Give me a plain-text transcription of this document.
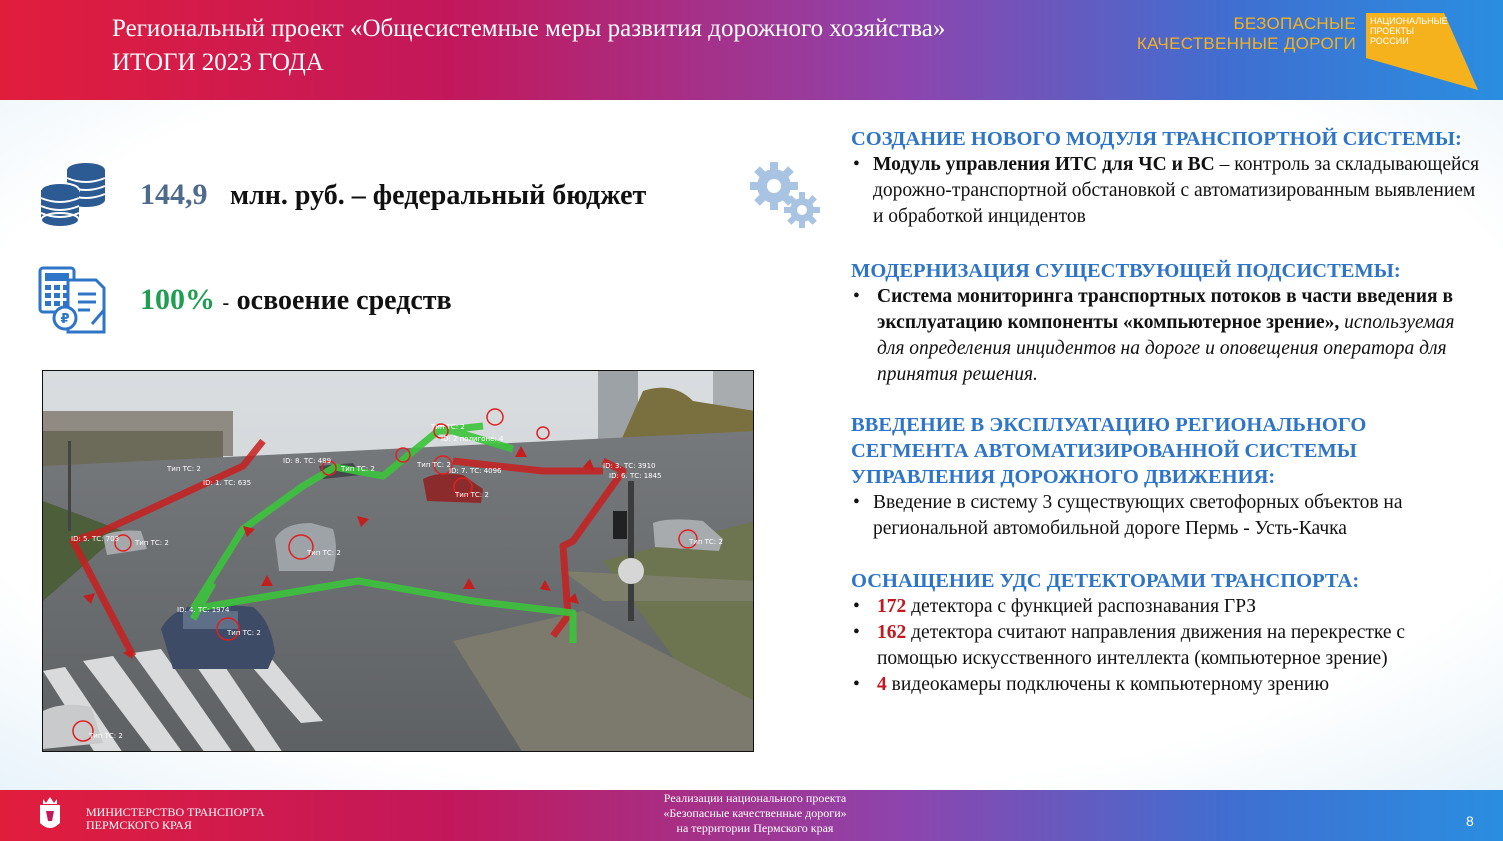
Региональный проект «Общесистемные меры развития дорожного хозяйства»
ИТОГИ 2023 ГОДА
БЕЗОПАСНЫЕ
КАЧЕСТВЕННЫЕ ДОРОГИ
НАЦИОНАЛЬНЫЕ
ПРОЕКТЫ
РОССИИ
144,9 млн. руб. – федеральный бюджет
₽
100% - освоение средств
ID: 1. ТС: 635
Тип ТС: 2
ID: 5. ТС: 703 Тип ТС: 2
ID: 8. ТС: 489
Тип ТС: 2	Тип ТС: 2
ID: 2 полигоне: 4
Тип ТС: 2
ID: 7. ТС: 4096
Тип ТС: 2
ID: 3. ТС: 3910
ID: 6. ТС: 1845
Тип ТС: 2
Тип ТС: 2
ID: 4. ТС: 1974
Тип ТС: 2
Тип ТС: 2
СОЗДАНИЕ НОВОГО МОДУЛЯ ТРАНСПОРТНОЙ СИСТЕМЫ:
• Модуль управления ИТС для ЧС и ВС – контроль за складывающейся дорожно-транспортной обстановкой с автоматизированным выявлением и обработкой инцидентов
МОДЕРНИЗАЦИЯ СУЩЕСТВУЮЩЕЙ ПОДСИСТЕМЫ:
• Система мониторинга транспортных потоков в части введения в эксплуатацию компоненты «компьютерное зрение», используемая для определения инцидентов на дороге и оповещения оператора для принятия решения.
ВВЕДЕНИЕ В ЭКСПЛУАТАЦИЮ РЕГИОНАЛЬНОГО СЕГМЕНТА АВТОМАТИЗИРОВАННОЙ СИСТЕМЫ УПРАВЛЕНИЯ ДОРОЖНОГО ДВИЖЕНИЯ:
• Введение в систему 3 существующих светофорных объектов на региональной автомобильной дороге Пермь - Усть-Качка
ОСНАЩЕНИЕ УДС ДЕТЕКТОРАМИ ТРАНСПОРТА:
• 172 детектора с функцией распознавания ГРЗ
• 162 детектора считают направления движения на перекрестке с помощью искусственного интеллекта (компьютерное зрение)
• 4 видеокамеры подключены к компьютерному зрению
МИНИСТЕРСТВО ТРАНСПОРТА
ПЕРМСКОГО КРАЯ
Реализации национального проекта
«Безопасные качественные дороги»
на территории Пермского края	8
